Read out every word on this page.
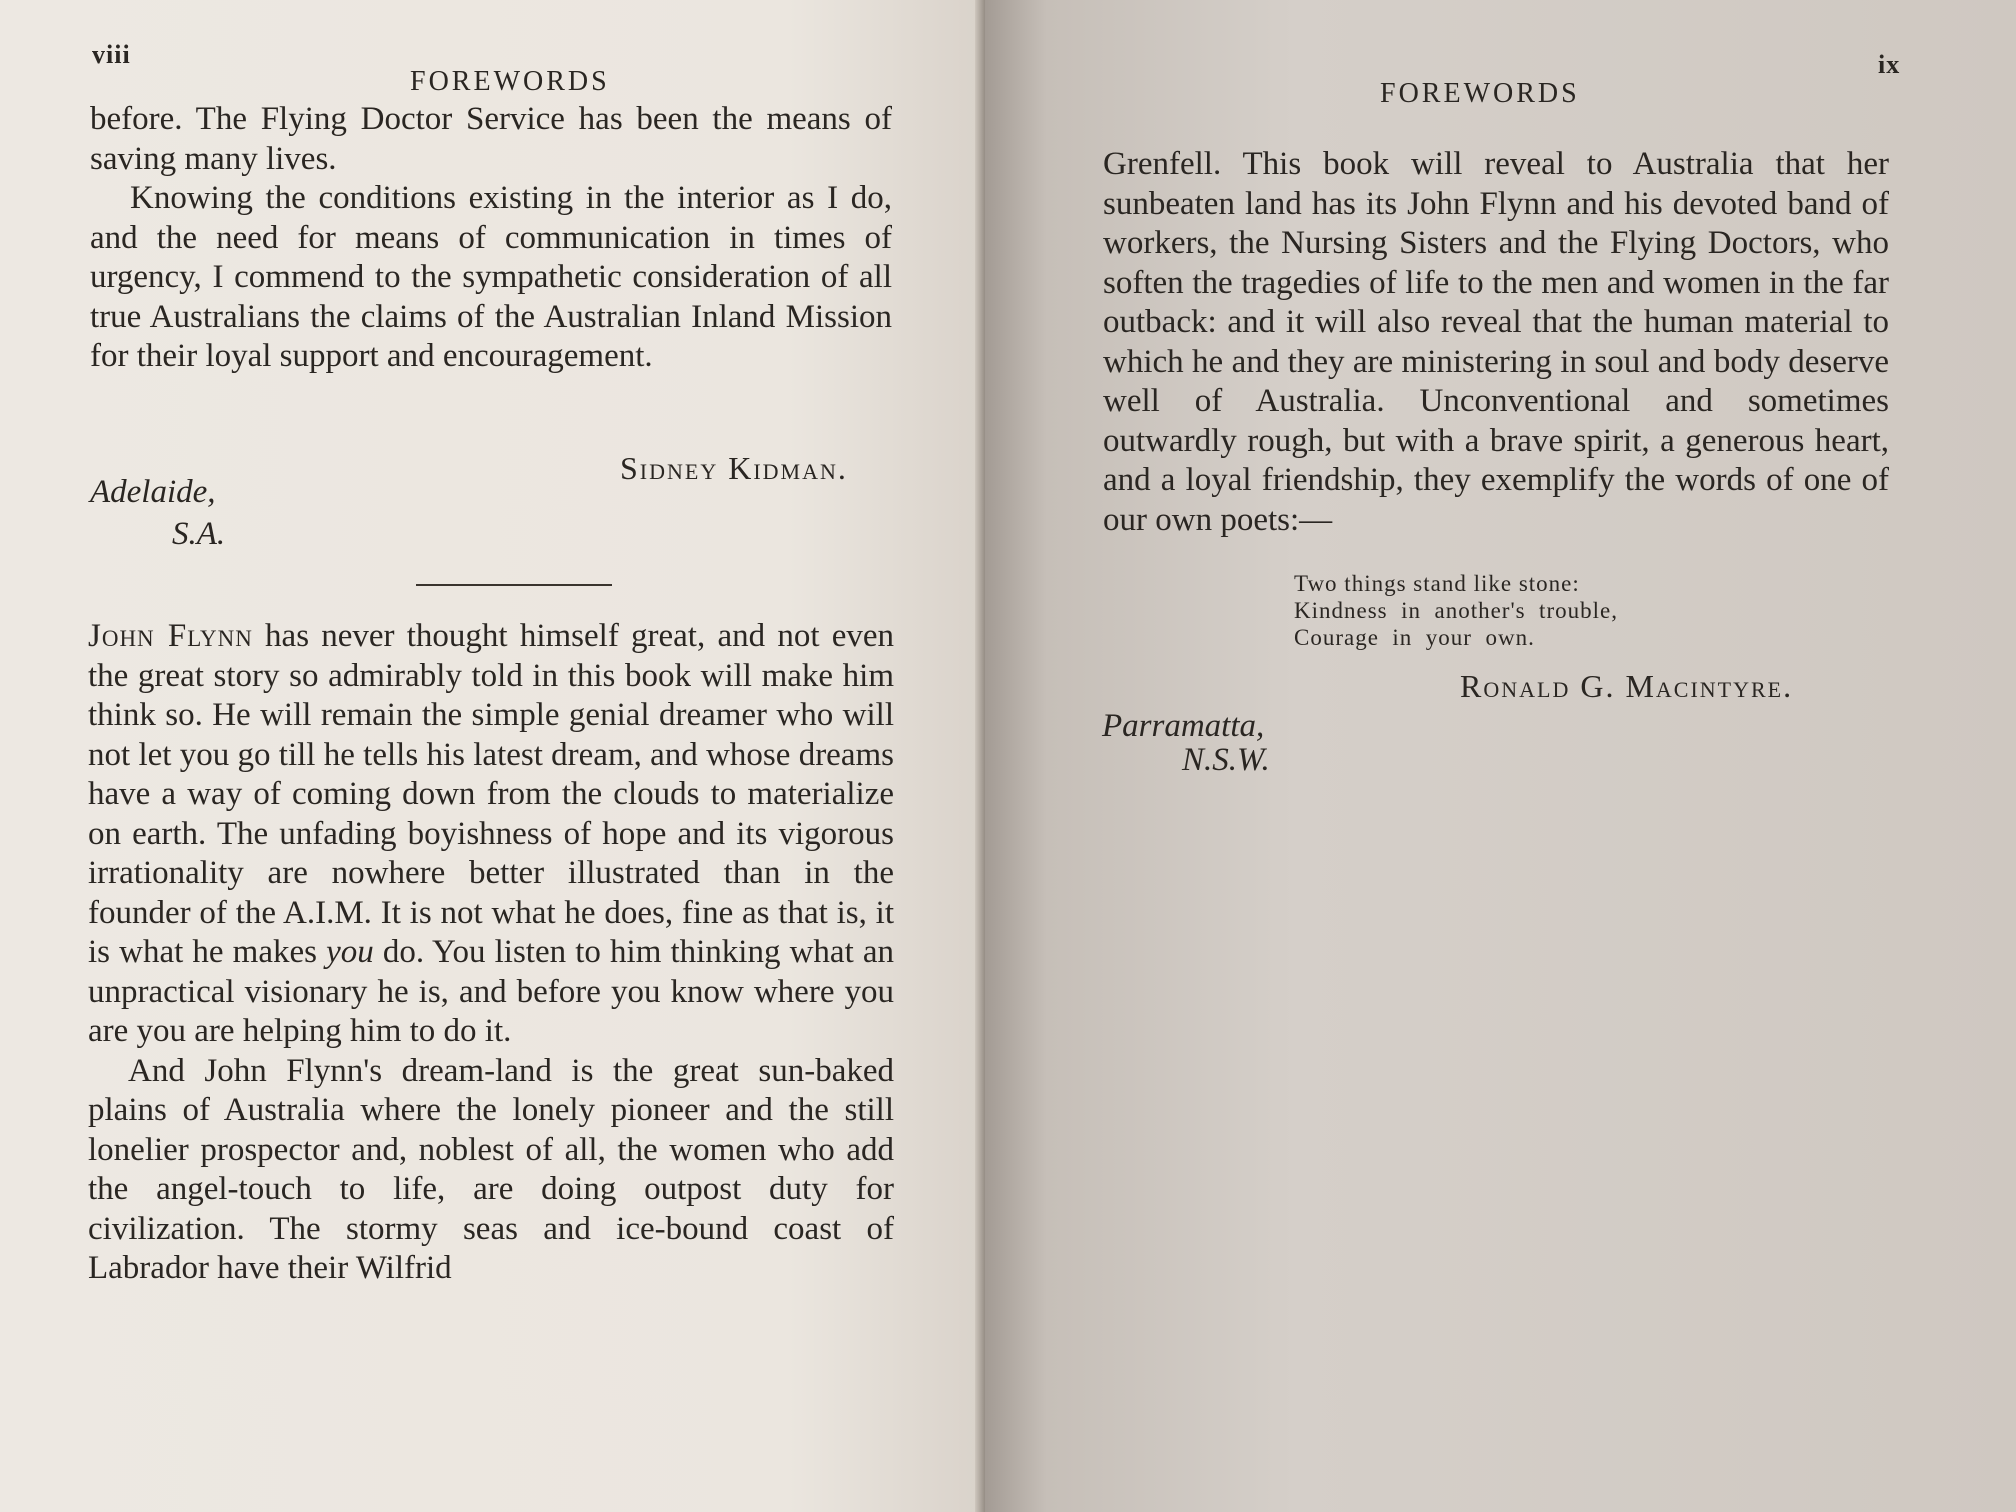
viii
FOREWORDS

before. The Flying Doctor Service has been the means of saving many lives.

Knowing the conditions existing in the interior as I do, and the need for means of communication in times of urgency, I commend to the sympathetic consideration of all true Australians the claims of the Australian Inland Mission for their loyal support and encouragement.

Sidney Kidman.
Adelaide,
S.A.

John Flynn has never thought himself great, and not even the great story so admirably told in this book will make him think so. He will remain the simple genial dreamer who will not let you go till he tells his latest dream, and whose dreams have a way of coming down from the clouds to materialize on earth. The unfading boyishness of hope and its vigorous irrationality are nowhere better illustrated than in the founder of the A.I.M. It is not what he does, fine as that is, it is what he makes you do. You listen to him thinking what an unpractical visionary he is, and before you know where you are you are helping him to do it.

And John Flynn's dream-land is the great sun-baked plains of Australia where the lonely pioneer and the still lonelier prospector and, noblest of all, the women who add the angel-touch to life, are doing outpost duty for civilization. The stormy seas and ice-bound coast of Labrador have their Wilfrid

ix
FOREWORDS

Grenfell. This book will reveal to Australia that her sunbeaten land has its John Flynn and his devoted band of workers, the Nursing Sisters and the Flying Doctors, who soften the tragedies of life to the men and women in the far outback: and it will also reveal that the human material to which he and they are ministering in soul and body deserve well of Australia. Unconventional and sometimes outwardly rough, but with a brave spirit, a generous heart, and a loyal friendship, they exemplify the words of one of our own poets:—

Two things stand like stone:
Kindness  in  another's  trouble,
Courage  in  your  own.
Ronald G. Macintyre.
Parramatta,
N.S.W.
